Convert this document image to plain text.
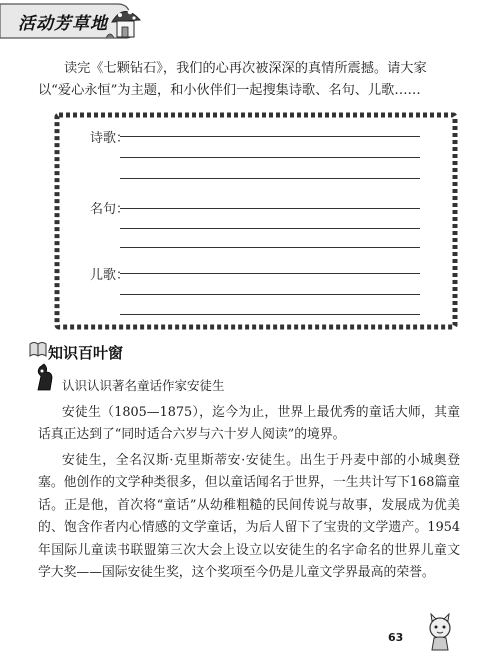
活动芳草地
读完《七颗钻石》，我们的心再次被深深的真情所震撼。请大家以“爱心永恒”为主题，和小伙伴们一起搜集诗歌、名句、儿歌……
诗歌：
名句：
儿歌：
知识百叶窗
认识认识著名童话作家安徒生
安徒生（1805—1875），迄今为止，世界上最优秀的童话大师，其童话真正达到了“同时适合六岁与六十岁人阅读”的境界。
安徒生，全名汉斯·克里斯蒂安·安徒生。出生于丹麦中部的小城奥登塞。他创作的文学种类很多，但以童话闻名于世界，一生共计写下168篇童话。正是他，首次将“童话”从幼稚粗糙的民间传说与故事，发展成为优美的、饱含作者内心情感的文学童话，为后人留下了宝贵的文学遗产。1954年国际儿童读书联盟第三次大会上设立以安徒生的名字命名的世界儿童文学大奖——国际安徒生奖，这个奖项至今仍是儿童文学界最高的荣誉。
63
